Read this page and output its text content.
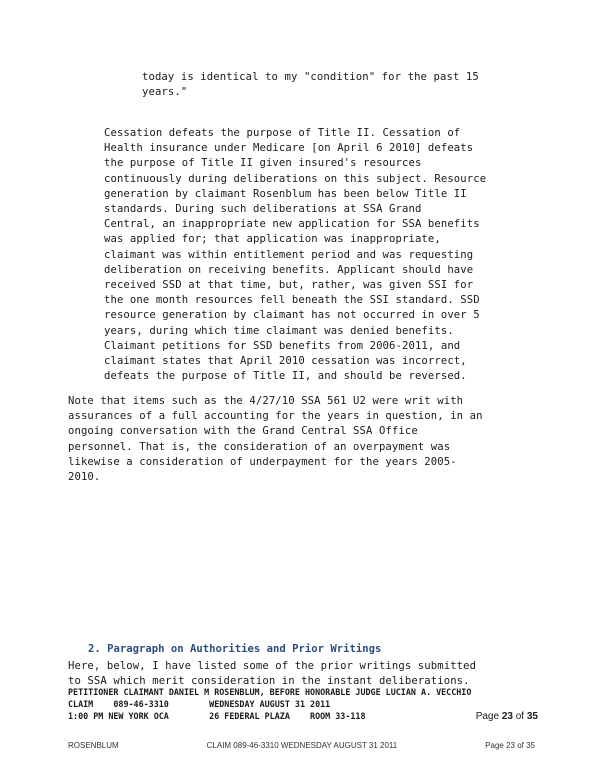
today is identical to my "condition" for the past 15
years."
Cessation defeats the purpose of Title II. Cessation of
Health insurance under Medicare [on April 6 2010] defeats
the purpose of Title II given insured's resources
continuously during deliberations on this subject. Resource
generation by claimant Rosenblum has been below Title II
standards. During such deliberations at SSA Grand
Central, an inappropriate new application for SSA benefits
was applied for; that application was inappropriate,
claimant was within entitlement period and was requesting
deliberation on receiving benefits. Applicant should have
received SSD at that time, but, rather, was given SSI for
the one month resources fell beneath the SSI standard. SSD
resource generation by claimant has not occurred in over 5
years, during which time claimant was denied benefits.
Claimant petitions for SSD benefits from 2006-2011, and
claimant states that April 2010 cessation was incorrect,
defeats the purpose of Title II, and should be reversed.
Note that items such as the 4/27/10 SSA 561 U2 were writ with
assurances of a full accounting for the years in question, in an
ongoing conversation with the Grand Central SSA Office
personnel. That is, the consideration of an overpayment was
likewise a consideration of underpayment for the years 2005-
2010.
2. Paragraph on Authorities and Prior Writings
Here, below, I have listed some of the prior writings submitted
to SSA which merit consideration in the instant deliberations.
PETITIONER CLAIMANT DANIEL M ROSENBLUM, BEFORE HONORABLE JUDGE LUCIAN A. VECCHIO
CLAIM    089-46-3310        WEDNESDAY AUGUST 31 2011
1:00 PM NEW YORK OCA        26 FEDERAL PLAZA    ROOM 33-118	Page 23 of 35
ROSENBLUM	CLAIM 089-46-3310 WEDNESDAY AUGUST 31 2011	Page 23 of 35
